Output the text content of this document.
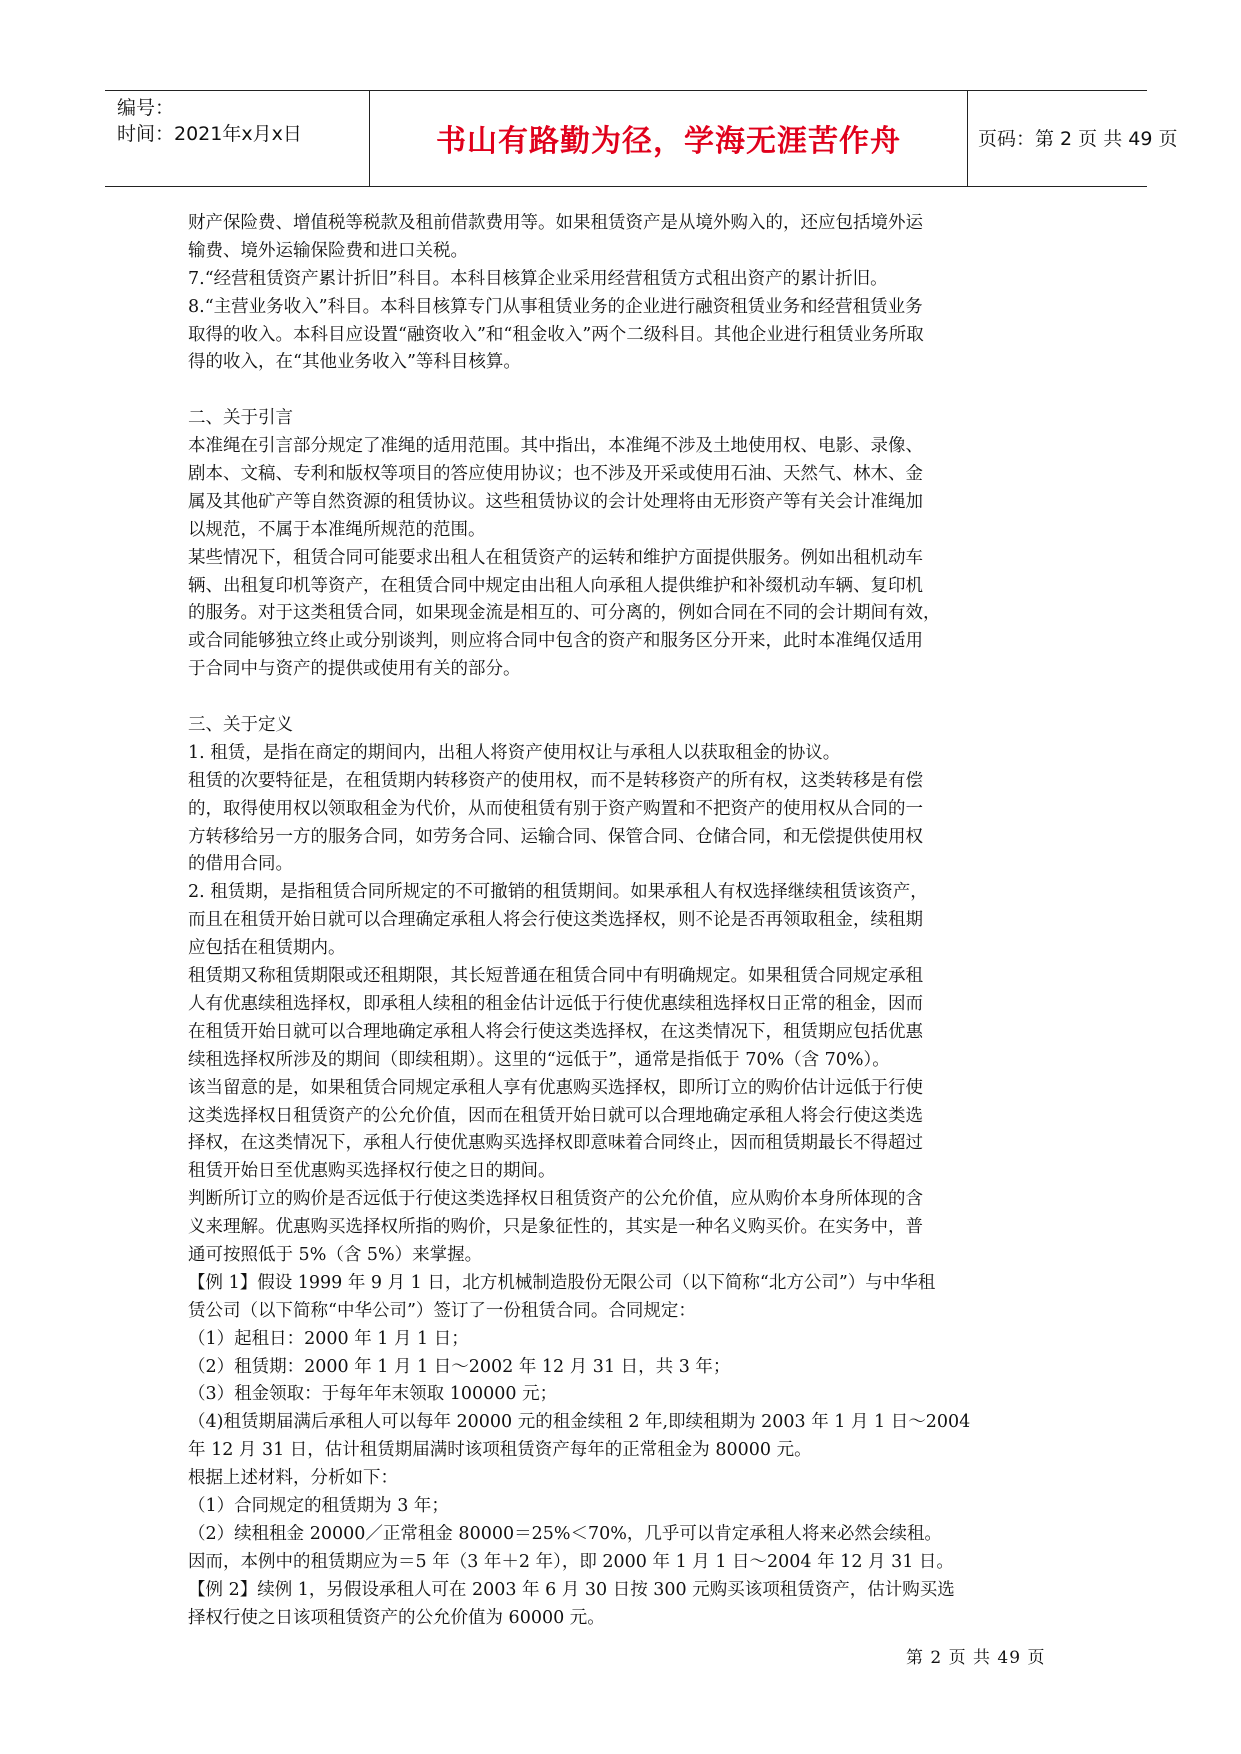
编号：
时间：2021年x月x日	书山有路勤为径，学海无涯苦作舟	页码：第 2 页 共 49 页
财产保险费、增值税等税款及租前借款费用等。如果租赁资产是从境外购入的，还应包括境外运
输费、境外运输保险费和进口关税。
7.“经营租赁资产累计折旧”科目。本科目核算企业采用经营租赁方式租出资产的累计折旧。
8.“主营业务收入”科目。本科目核算专门从事租赁业务的企业进行融资租赁业务和经营租赁业务
取得的收入。本科目应设置“融资收入”和“租金收入”两个二级科目。其他企业进行租赁业务所取
得的收入，在“其他业务收入”等科目核算。
二、关于引言
本准绳在引言部分规定了准绳的适用范围。其中指出，本准绳不涉及土地使用权、电影、录像、
剧本、文稿、专利和版权等项目的答应使用协议；也不涉及开采或使用石油、天然气、林木、金
属及其他矿产等自然资源的租赁协议。这些租赁协议的会计处理将由无形资产等有关会计准绳加
以规范，不属于本准绳所规范的范围。
某些情况下，租赁合同可能要求出租人在租赁资产的运转和维护方面提供服务。例如出租机动车
辆、出租复印机等资产，在租赁合同中规定由出租人向承租人提供维护和补缀机动车辆、复印机
的服务。对于这类租赁合同，如果现金流是相互的、可分离的，例如合同在不同的会计期间有效，
或合同能够独立终止或分别谈判，则应将合同中包含的资产和服务区分开来，此时本准绳仅适用
于合同中与资产的提供或使用有关的部分。
三、关于定义
1. 租赁，是指在商定的期间内，出租人将资产使用权让与承租人以获取租金的协议。
租赁的次要特征是，在租赁期内转移资产的使用权，而不是转移资产的所有权，这类转移是有偿
的，取得使用权以领取租金为代价，从而使租赁有别于资产购置和不把资产的使用权从合同的一
方转移给另一方的服务合同，如劳务合同、运输合同、保管合同、仓储合同，和无偿提供使用权
的借用合同。
2. 租赁期，是指租赁合同所规定的不可撤销的租赁期间。如果承租人有权选择继续租赁该资产，
而且在租赁开始日就可以合理确定承租人将会行使这类选择权，则不论是否再领取租金，续租期
应包括在租赁期内。
租赁期又称租赁期限或还租期限，其长短普通在租赁合同中有明确规定。如果租赁合同规定承租
人有优惠续租选择权，即承租人续租的租金估计远低于行使优惠续租选择权日正常的租金，因而
在租赁开始日就可以合理地确定承租人将会行使这类选择权，在这类情况下，租赁期应包括优惠
续租选择权所涉及的期间（即续租期）。这里的“远低于”，通常是指低于 70%（含 70%）。
该当留意的是，如果租赁合同规定承租人享有优惠购买选择权，即所订立的购价估计远低于行使
这类选择权日租赁资产的公允价值，因而在租赁开始日就可以合理地确定承租人将会行使这类选
择权，在这类情况下，承租人行使优惠购买选择权即意味着合同终止，因而租赁期最长不得超过
租赁开始日至优惠购买选择权行使之日的期间。
判断所订立的购价是否远低于行使这类选择权日租赁资产的公允价值，应从购价本身所体现的含
义来理解。优惠购买选择权所指的购价，只是象征性的，其实是一种名义购买价。在实务中，普
通可按照低于 5%（含 5%）来掌握。
【例 1】假设 1999 年 9 月 1 日，北方机械制造股份无限公司（以下简称“北方公司”）与中华租
赁公司（以下简称“中华公司”）签订了一份租赁合同。合同规定：
（1）起租日：2000 年 1 月 1 日；
（2）租赁期：2000 年 1 月 1 日～2002 年 12 月 31 日，共 3 年；
（3）租金领取：于每年年末领取 100000 元；
（4)租赁期届满后承租人可以每年 20000 元的租金续租 2 年,即续租期为 2003 年 1 月 1 日～2004
年 12 月 31 日，估计租赁期届满时该项租赁资产每年的正常租金为 80000 元。
根据上述材料，分析如下：
（1）合同规定的租赁期为 3 年；
（2）续租租金 20000／正常租金 80000＝25%＜70%，几乎可以肯定承租人将来必然会续租。
因而，本例中的租赁期应为＝5 年（3 年＋2 年），即 2000 年 1 月 1 日～2004 年 12 月 31 日。
【例 2】续例 1，另假设承租人可在 2003 年 6 月 30 日按 300 元购买该项租赁资产，估计购买选
择权行使之日该项租赁资产的公允价值为 60000 元。
第 2 页 共 49 页
